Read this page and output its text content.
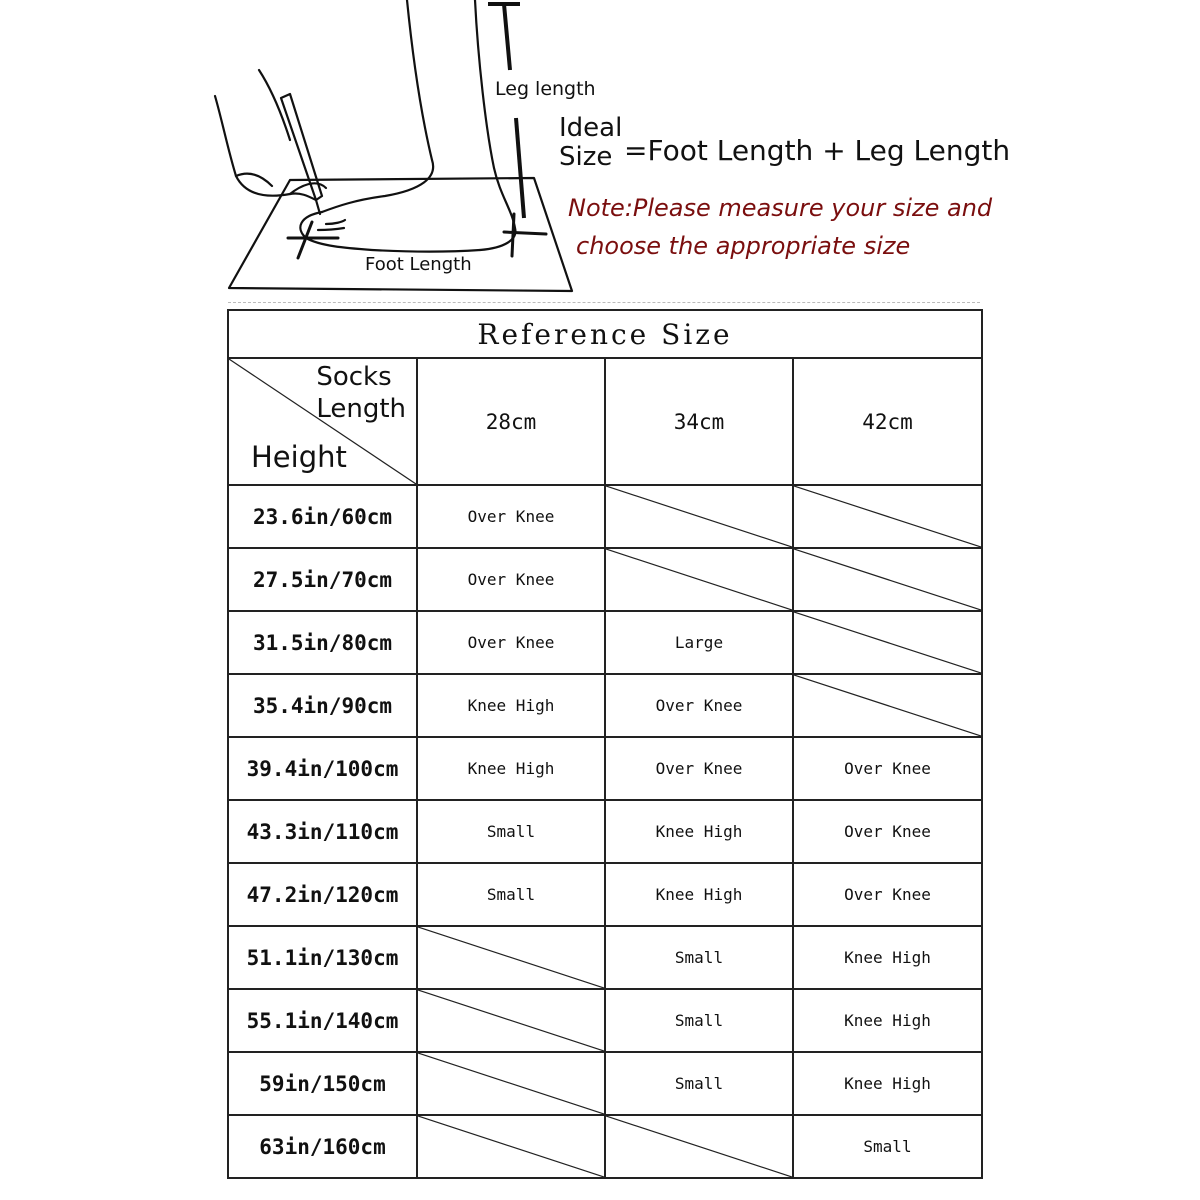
Leg length
Foot Length
Ideal
Size =Foot Length + Leg Length
Note:Please measure your size and
choose the appropriate size
Reference Size			

Socks
Length
Height	28cm	34cm	42cm
23.6in/60cm	Over Knee	

27.5in/70cm	Over Knee	

31.5in/80cm	Over Knee	Large	

35.4in/90cm	Knee High	Over Knee	

39.4in/100cm	Knee High	Over Knee	Over Knee
43.3in/110cm	Small	Knee High	Over Knee
47.2in/120cm	Small	Knee High	Over Knee
51.1in/130cm		Small	Knee High
55.1in/140cm		Small	Knee High
59in/150cm		Small	Knee High
63in/160cm			Small
